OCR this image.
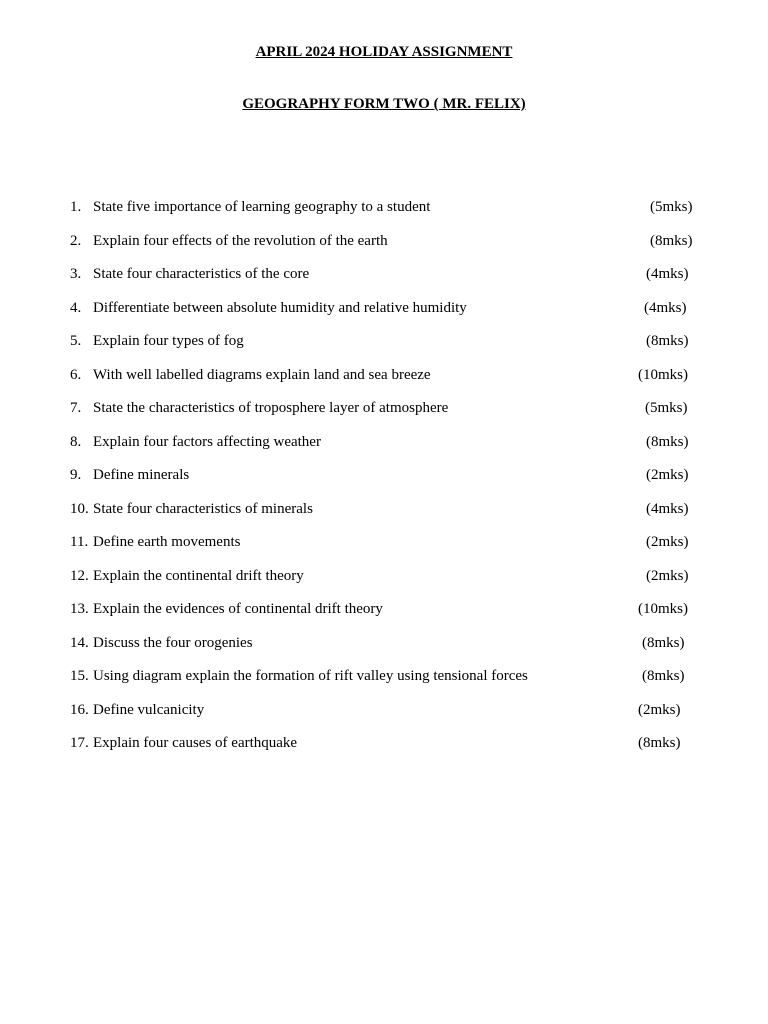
APRIL 2024 HOLIDAY ASSIGNMENT
GEOGRAPHY FORM TWO ( MR. FELIX)
1. State five importance of learning geography to a student	(5mks)
2. Explain four effects of the revolution of the earth	(8mks)
3. State four characteristics of the core	(4mks)
4. Differentiate between absolute humidity and relative humidity	(4mks)
5. Explain four types of fog	(8mks)
6. With well labelled diagrams explain land and sea breeze	(10mks)
7. State the characteristics of troposphere layer of atmosphere	(5mks)
8. Explain four factors affecting weather	(8mks)
9. Define minerals	(2mks)
10. State four characteristics of minerals	(4mks)
11. Define earth movements	(2mks)
12. Explain the continental drift theory	(2mks)
13. Explain the evidences of continental drift theory	(10mks)
14. Discuss the four orogenies	(8mks)
15. Using diagram explain the formation of rift valley using tensional forces	(8mks)
16. Define vulcanicity	(2mks)
17. Explain four causes of earthquake	(8mks)
